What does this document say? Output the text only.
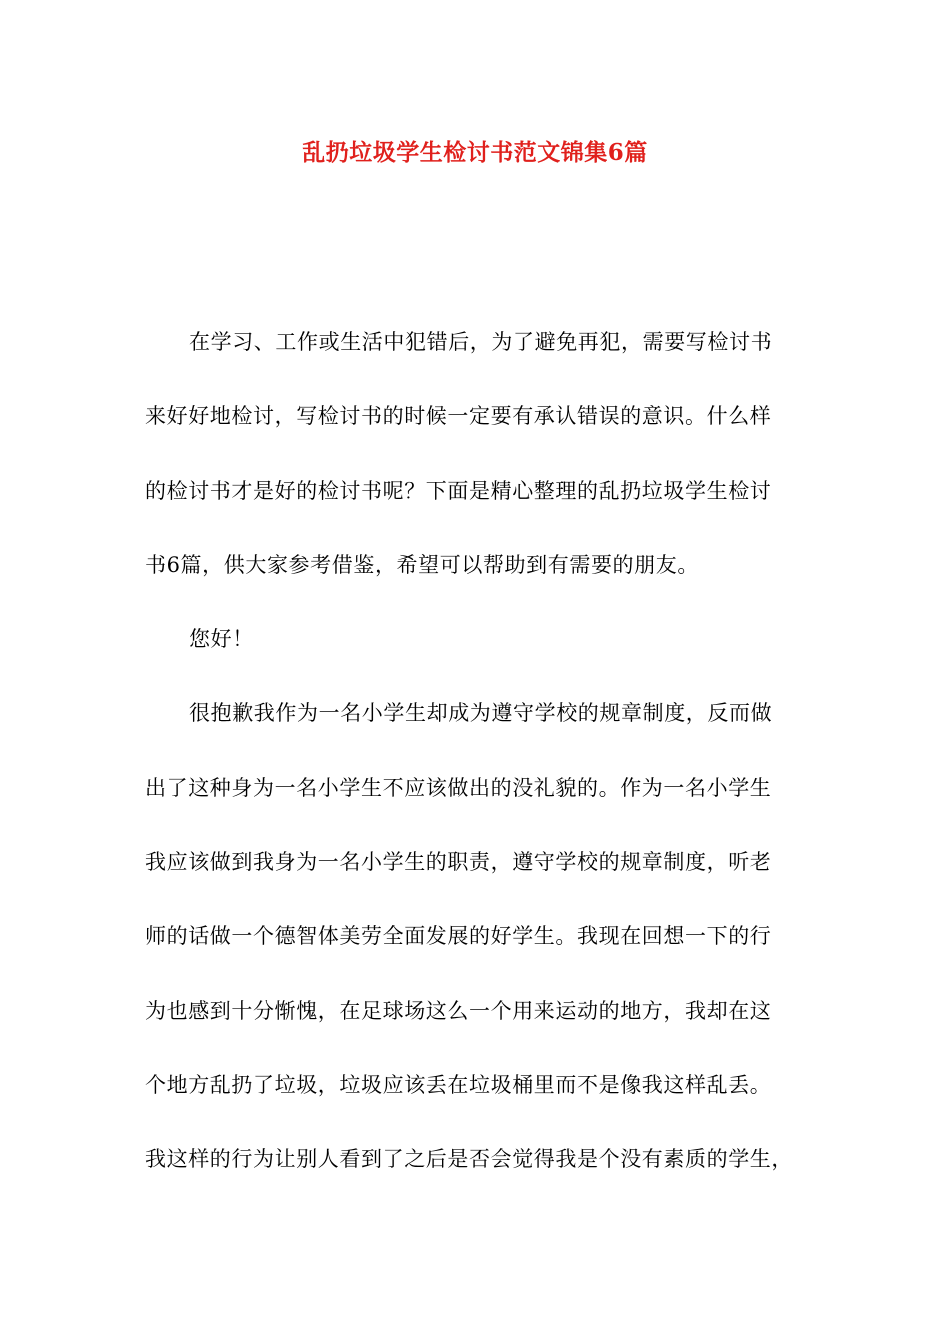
乱扔垃圾学生检讨书范文锦集6篇
在学习、工作或生活中犯错后，为了避免再犯，需要写检讨书
来好好地检讨，写检讨书的时候一定要有承认错误的意识。什么样
的检讨书才是好的检讨书呢？下面是精心整理的乱扔垃圾学生检讨
书6篇，供大家参考借鉴，希望可以帮助到有需要的朋友。
您好！
很抱歉我作为一名小学生却成为遵守学校的规章制度，反而做
出了这种身为一名小学生不应该做出的没礼貌的。作为一名小学生
我应该做到我身为一名小学生的职责，遵守学校的规章制度，听老
师的话做一个德智体美劳全面发展的好学生。我现在回想一下的行
为也感到十分惭愧，在足球场这么一个用来运动的地方，我却在这
个地方乱扔了垃圾，垃圾应该丢在垃圾桶里而不是像我这样乱丢。
我这样的行为让别人看到了之后是否会觉得我是个没有素质的学生，
